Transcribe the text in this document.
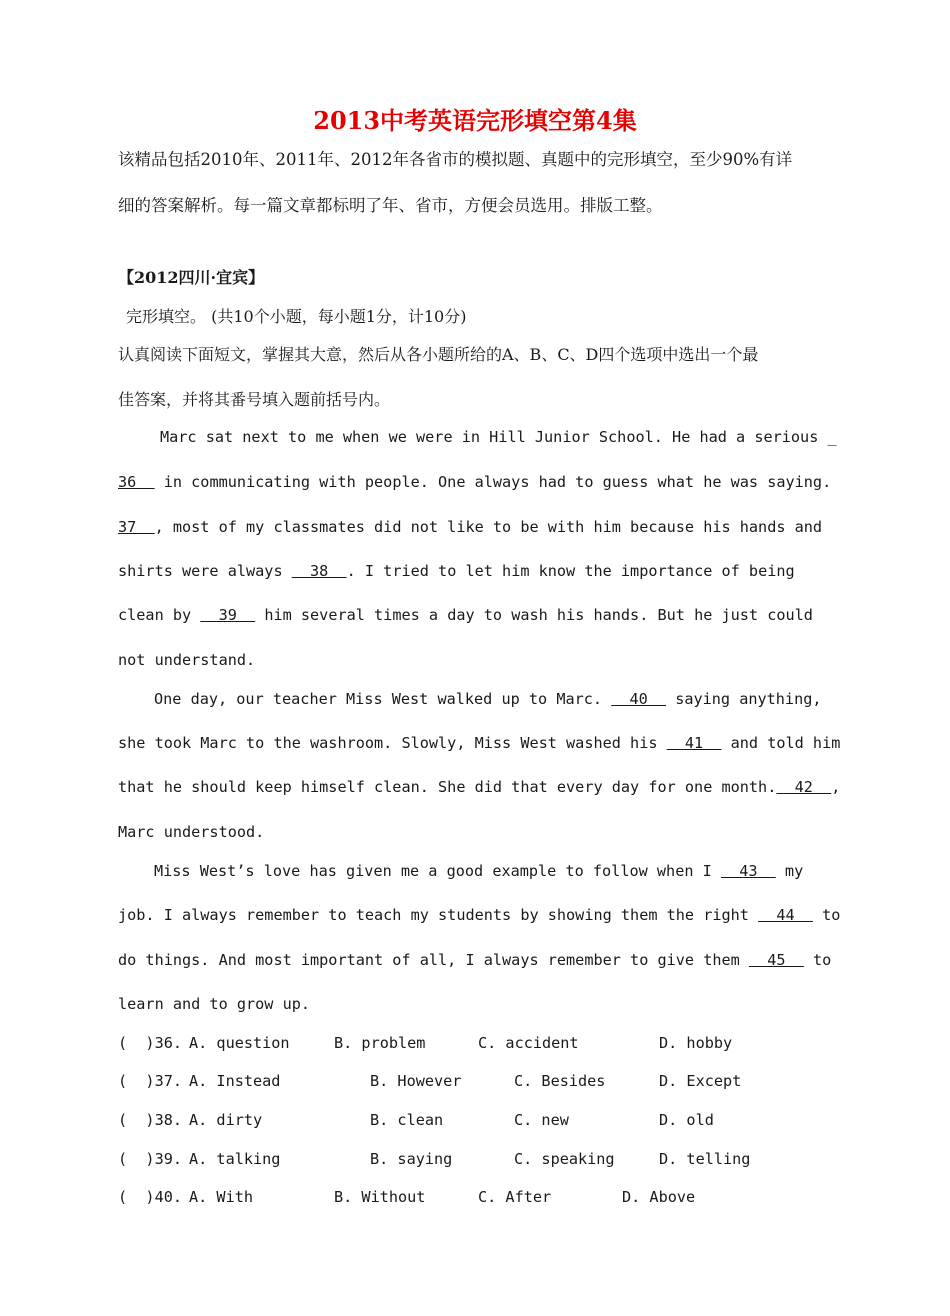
2013中考英语完形填空第4集

该精品包括2010年、2011年、2012年各省市的模拟题、真题中的完形填空，至少90%有详

细的答案解析。每一篇文章都标明了年、省市，方便会员选用。排版工整。

【2012四川·宜宾】
完形填空。 (共10个小题，每小题1分，计10分)
认真阅读下面短文，掌握其大意，然后从各小题所给的A、B、C、D四个选项中选出一个最
佳答案，并将其番号填入题前括号内。
Marc sat next to me when we were in Hill Junior School. He had a serious _
36   in communicating with people. One always had to guess what he was saying.
37  , most of my classmates did not like to be with him because his hands and
shirts were always   38  . I tried to let him know the importance of being
clean by   39   him several times a day to wash his hands. But he just could
not understand.
One day, our teacher Miss West walked up to Marc.   40   saying anything,
she took Marc to the washroom. Slowly, Miss West washed his   41   and told him
that he should keep himself clean. She did that every day for one month.  42  ,
Marc understood.
Miss West’s love has given me a good example to follow when I   43   my
job. I always remember to teach my students by showing them the right   44   to
do things. And most important of all, I always remember to give them   45   to
learn and to grow up.
(  )36. A. question	B. problem	C. accident	D. hobby
(  )37. A. Instead	B. However	C. Besides	D. Except
(  )38. A. dirty	B. clean	C. new	D. old
(  )39. A. talking	B. saying	C. speaking	D. telling
(  )40. A. With	B. Without	C. After	D. Above
